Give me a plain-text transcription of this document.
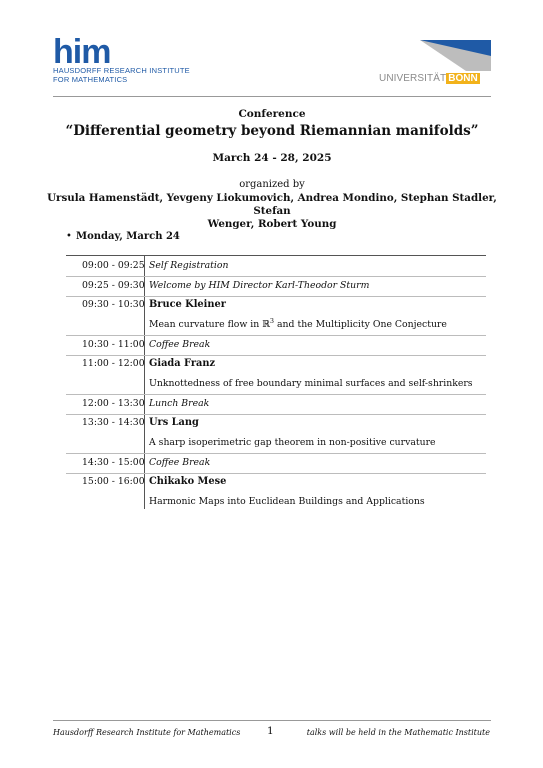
him
HAUSDORFF RESEARCH INSTITUTE
FOR MATHEMATICS	UNIVERSITÄT BONN
Conference
“Differential geometry beyond Riemannian manifolds”
March 24 - 28, 2025
organized by
Ursula Hamenstädt, Yevgeny Liokumovich, Andrea Mondino, Stephan Stadler, Stefan
Wenger, Robert Young
• Monday, March 24
09:00 - 09:25 Self Registration
09:25 - 09:30 Welcome by HIM Director Karl-Theodor Sturm
09:30 - 10:30 Bruce Kleiner
Mean curvature flow in ℝ$^3$ and the Multiplicity One Conjecture
10:30 - 11:00 Coffee Break
11:00 - 12:00 Giada Franz
Unknottedness of free boundary minimal surfaces and self-shrinkers
12:00 - 13:30 Lunch Break
13:30 - 14:30 Urs Lang
A sharp isoperimetric gap theorem in non-positive curvature
14:30 - 15:00 Coffee Break
15:00 - 16:00 Chikako Mese
Harmonic Maps into Euclidean Buildings and Applications
Hausdorff Research Institute for Mathematics	1	talks will be held in the Mathematic Institute
